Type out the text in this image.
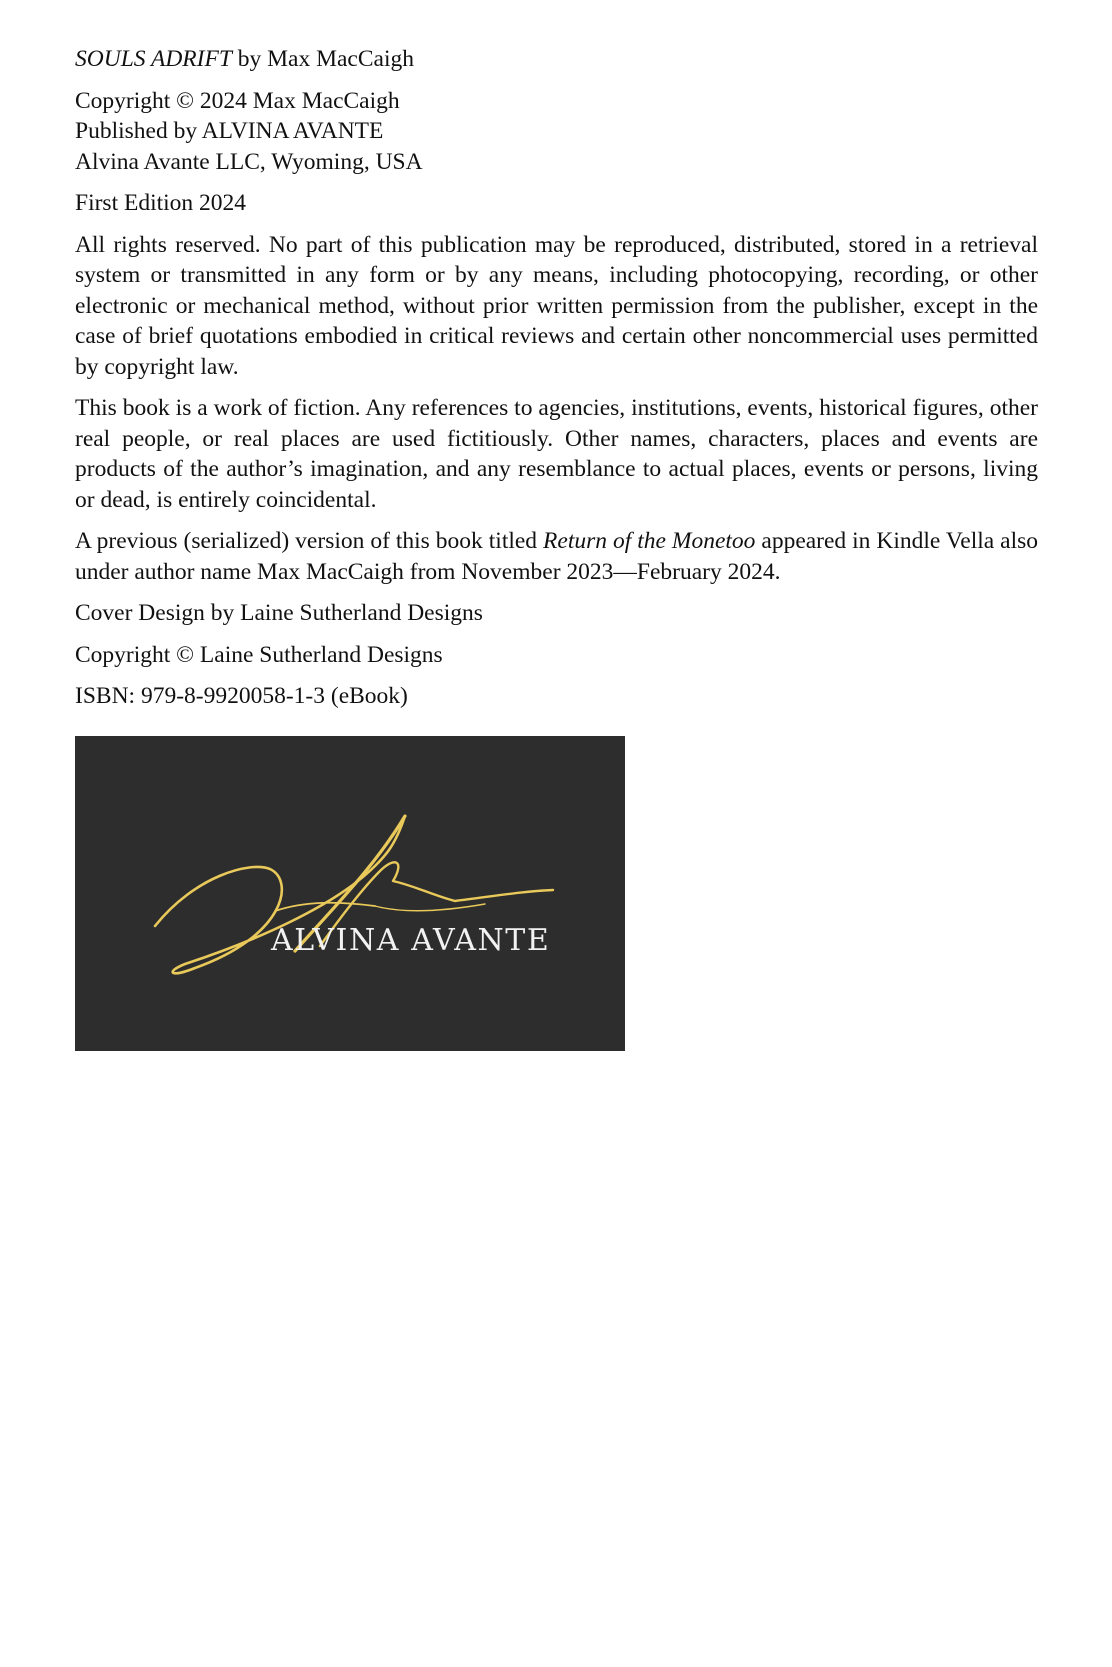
SOULS ADRIFT by Max MacCaigh

Copyright © 2024 Max MacCaigh
Published by ALVINA AVANTE
Alvina Avante LLC, Wyoming, USA

First Edition 2024

All rights reserved. No part of this publication may be reproduced, distributed, stored in a retrieval system or transmitted in any form or by any means, including photocopying, recording, or other electronic or mechanical method, without prior written permission from the publisher, except in the case of brief quotations embodied in critical reviews and certain other noncommercial uses permitted by copyright law.

This book is a work of fiction. Any references to agencies, institutions, events, historical figures, other real people, or real places are used fictitiously. Other names, characters, places and events are products of the author’s imagination, and any resemblance to actual places, events or persons, living or dead, is entirely coincidental.

A previous (serialized) version of this book titled Return of the Monetoo appeared in Kindle Vella also under author name Max MacCaigh from November 2023—February 2024.

Cover Design by Laine Sutherland Designs

Copyright © Laine Sutherland Designs

ISBN: 979-8-9920058-1-3 (eBook)

ALVINA AVANTE
